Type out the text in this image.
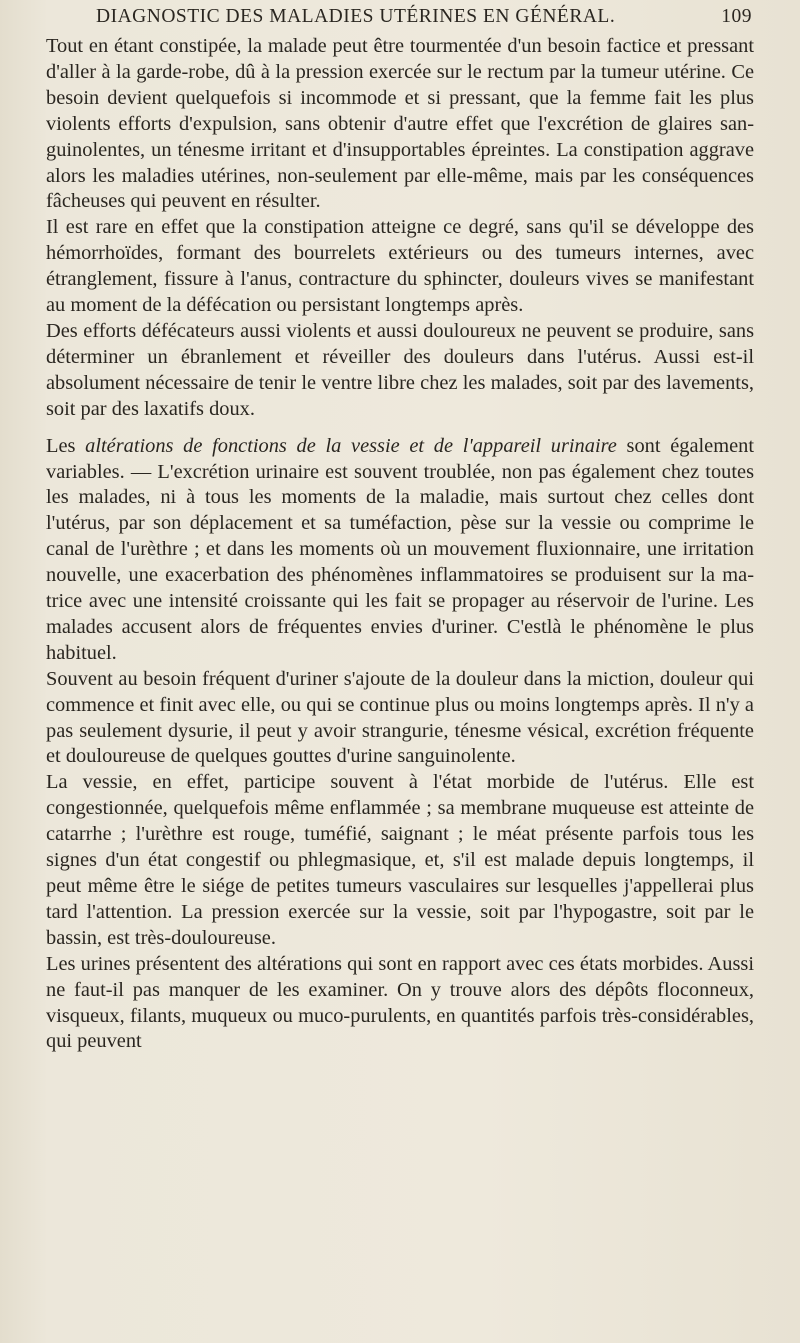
DIAGNOSTIC DES MALADIES UTÉRINES EN GÉNÉRAL.	109

Tout en étant constipée, la malade peut être tourmentée d'un besoin factice et pressant d'aller à la garde-robe, dû à la pression exercée sur le rectum par la tumeur utérine. Ce besoin devient quelquefois si incommode et si pressant, que la femme fait les plus violents efforts d'expulsion, sans obtenir d'autre effet que l'excrétion de glaires sanguinolentes, un ténesme irritant et d'insupportables épreintes. La constipation aggrave alors les maladies utérines, non-seulement par elle-même, mais par les conséquences fâcheuses qui peuvent en résulter.

Il est rare en effet que la constipation atteigne ce degré, sans qu'il se développe des hémorrhoïdes, formant des bourrelets extérieurs ou des tumeurs internes, avec étranglement, fissure à l'anus, contracture du sphincter, douleurs vives se manifestant au moment de la défécation ou persistant longtemps après.

Des efforts défécateurs aussi violents et aussi douloureux ne peuvent se produire, sans déterminer un ébranlement et réveiller des douleurs dans l'utérus. Aussi est-il absolument nécessaire de tenir le ventre libre chez les malades, soit par des lavements, soit par des laxatifs doux.

Les altérations de fonctions de la vessie et de l'appareil urinaire sont également variables. — L'excrétion urinaire est souvent troublée, non pas également chez toutes les malades, ni à tous les moments de la maladie, mais surtout chez celles dont l'utérus, par son déplacement et sa tuméfaction, pèse sur la vessie ou comprime le canal de l'urèthre ; et dans les moments où un mouvement fluxionnaire, une irritation nouvelle, une exacerbation des phénomènes inflammatoires se produisent sur la matrice avec une intensité croissante qui les fait se propager au réservoir de l'urine. Les malades accusent alors de fréquentes envies d'uriner. C'estlà le phénomène le plus habituel.

Souvent au besoin fréquent d'uriner s'ajoute de la douleur dans la miction, douleur qui commence et finit avec elle, ou qui se continue plus ou moins longtemps après. Il n'y a pas seulement dysurie, il peut y avoir strangurie, ténesme vésical, excrétion fréquente et douloureuse de quelques gouttes d'urine sanguinolente.

La vessie, en effet, participe souvent à l'état morbide de l'utérus. Elle est congestionnée, quelquefois même enflammée ; sa membrane muqueuse est atteinte de catarrhe ; l'urèthre est rouge, tuméfié, saignant ; le méat présente parfois tous les signes d'un état congestif ou phlegmasique, et, s'il est malade depuis longtemps, il peut même être le siége de petites tumeurs vasculaires sur lesquelles j'appellerai plus tard l'attention. La pression exercée sur la vessie, soit par l'hypogastre, soit par le bassin, est très-douloureuse.

Les urines présentent des altérations qui sont en rapport avec ces états morbides. Aussi ne faut-il pas manquer de les examiner. On y trouve alors des dépôts floconneux, visqueux, filants, muqueux ou muco-purulents, en quantités parfois très-considérables, qui peuvent
